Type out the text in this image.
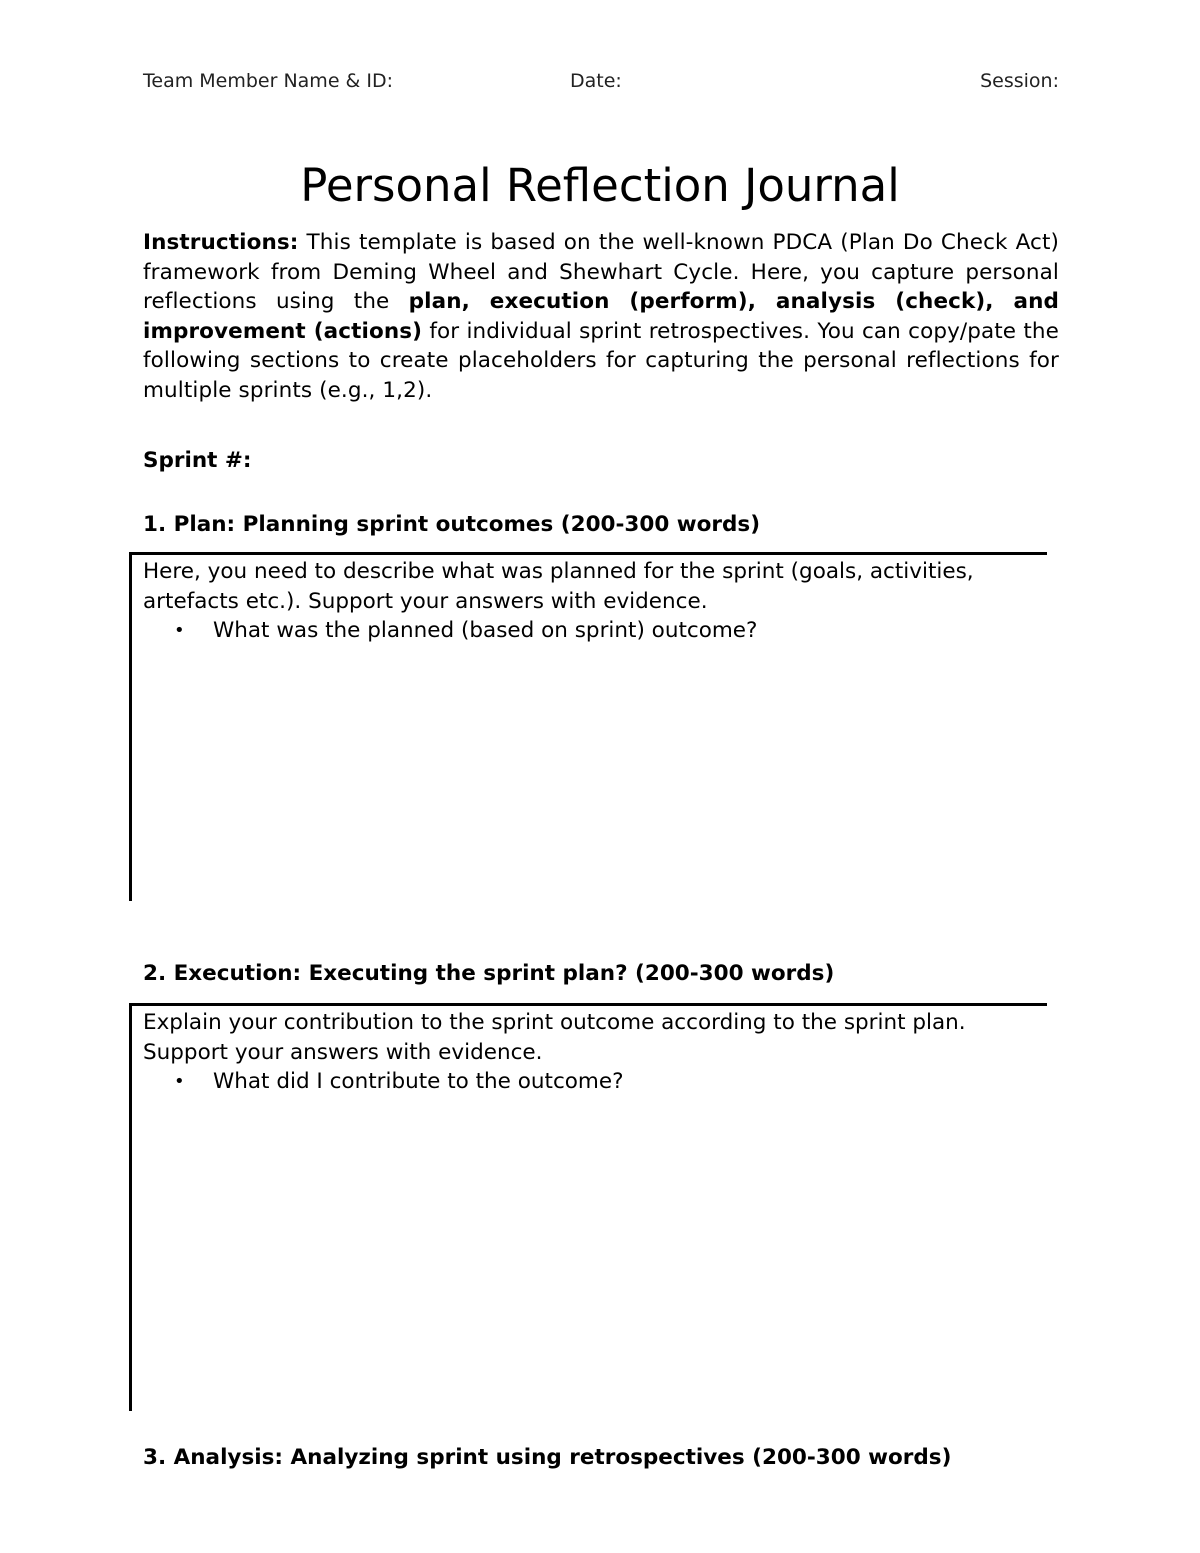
Team Member Name & ID:	Date:	Session:
Personal Reflection Journal

Instructions: This template is based on the well-known PDCA (Plan Do Check Act) framework from Deming Wheel and Shewhart Cycle. Here, you capture personal reflections using the plan, execution (perform), analysis (check), and improvement (actions) for individual sprint retrospectives. You can copy/pate the following sections to create placeholders for capturing the personal reflections for multiple sprints (e.g., 1,2).

Sprint #:

1. Plan: Planning sprint outcomes (200-300 words)

Here, you need to describe what was planned for the sprint (goals, activities, artefacts etc.). Support your answers with evidence.

• What was the planned (based on sprint) outcome?

2. Execution: Executing the sprint plan? (200-300 words)

Explain your contribution to the sprint outcome according to the sprint plan. Support your answers with evidence.

• What did I contribute to the outcome?

3. Analysis: Analyzing sprint using retrospectives (200-300 words)
